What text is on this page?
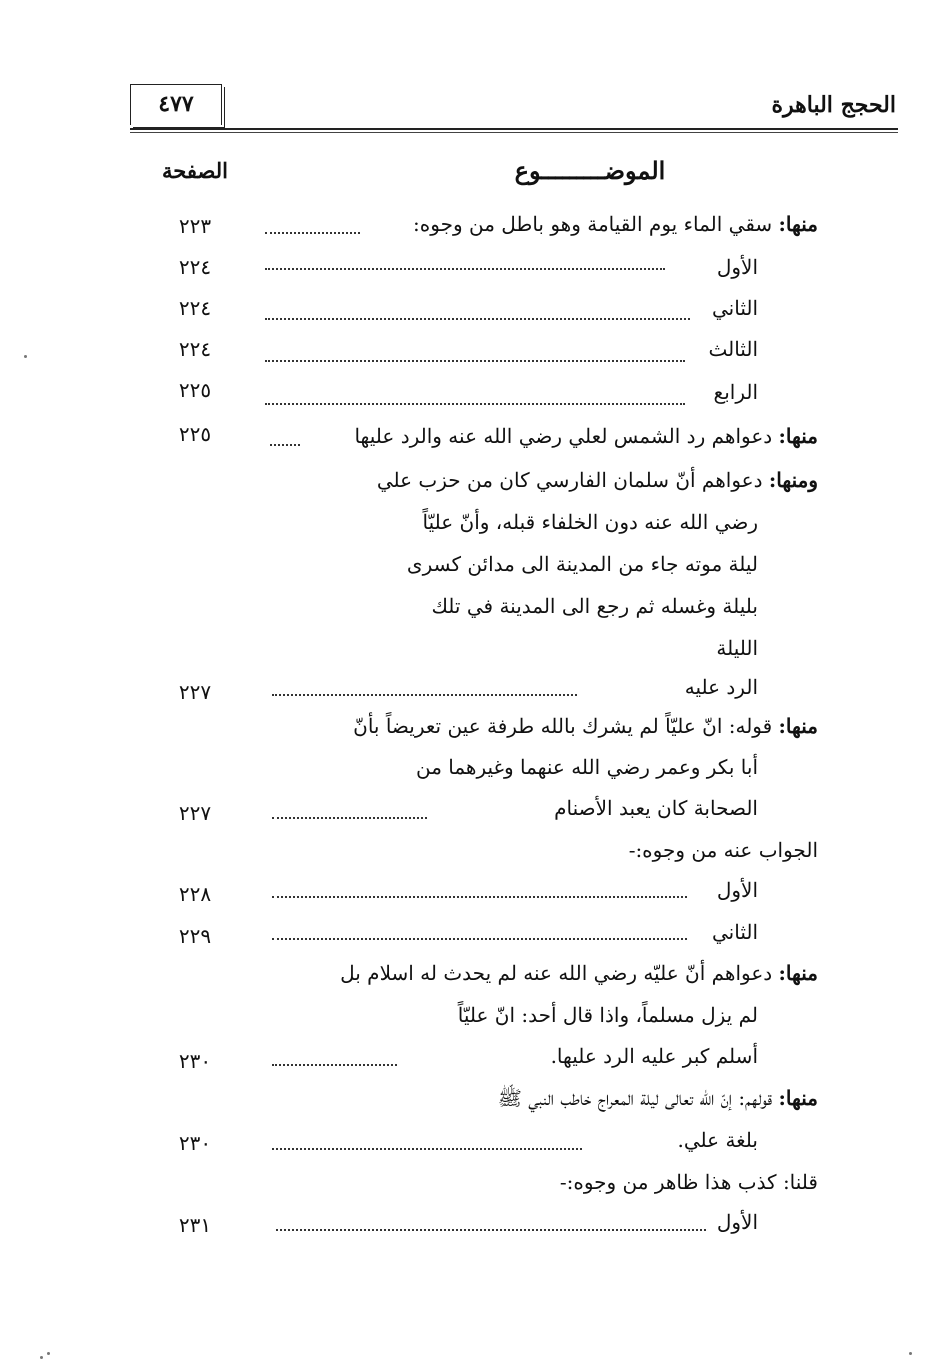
الحجج الباهرة
٤٧٧
الموضـــــــــوع
الصفحة
منها: سقي الماء يوم القيامة وهو باطل من وجوه:
٢٢٣
الأول
٢٢٤
الثاني
٢٢٤
الثالث
٢٢٤
الرابع
٢٢٥
منها: دعواهم رد الشمس لعلي رضي الله عنه والرد عليها
٢٢٥
ومنها: دعواهم أنّ سلمان الفارسي كان من حزب علي
رضي الله عنه دون الخلفاء قبله، وأنّ عليّاً
ليلة موته جاء من المدينة الى مدائن كسرى
بليلة وغسله ثم رجع الى المدينة في تلك
الليلة
الرد عليه
٢٢٧
منها: قوله: انّ عليّاً لم يشرك بالله طرفة عين تعريضاً بأنّ
أبا بكر وعمر رضي الله عنهما وغيرهما من
الصحابة كان يعبد الأصنام
٢٢٧
الجواب عنه من وجوه:-
الأول
٢٢٨
الثاني
٢٢٩
منها: دعواهم أنّ عليّه رضي الله عنه لم يحدث له اسلام بل
لم يزل مسلماً، واذا قال أحد: انّ عليّاً
أسلم كبر عليه الرد عليها.
٢٣٠
منها: قولهم: إنّ الله تعالى ليلة المعراج خاطب النبي ﷺ
بلغة علي.
٢٣٠
قلنا: كذب هذا ظاهر من وجوه:-
الأول
٢٣١
